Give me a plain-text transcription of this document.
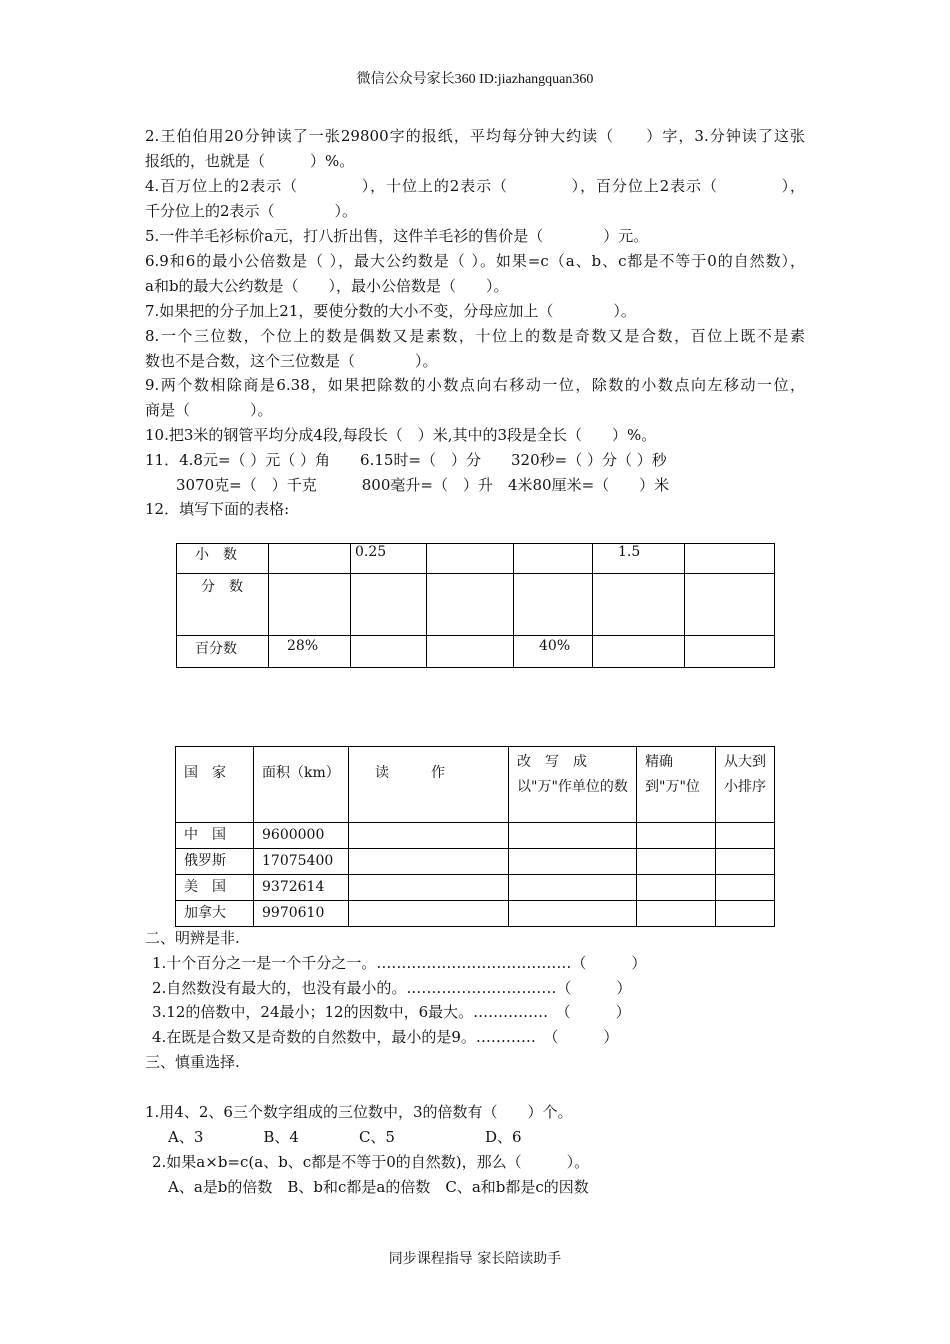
微信公众号家长360 ID:jiazhangquan360
2.王伯伯用20分钟读了一张29800字的报纸，平均每分钟大约读（　　）字，3.分钟读了这张
报纸的，也就是（　　　）%。
4.百万位上的2表示（　　　　），十位上的2表示（　　　　），百分位上2表示（　　　　），
千分位上的2表示（　　　　）。
5.一件羊毛衫标价a元，打八折出售，这件羊毛衫的售价是（　　　　）元。
6.9和6的最小公倍数是（ ），最大公约数是（ ）。如果=c（a、b、c都是不等于0的自然数），
a和b的最大公约数是（　　），最小公倍数是（　　）。
7.如果把的分子加上21，要使分数的大小不变，分母应加上（　　　　）。
8.一个三位数，个位上的数是偶数又是素数，十位上的数是奇数又是合数，百位上既不是素
数也不是合数，这个三位数是（　　　　）。
9.两个数相除商是6.38，如果把除数的小数点向右移动一位，除数的小数点向左移动一位，
商是（　　　　）。
10.把3米的钢管平均分成4段,每段长（　）米,其中的3段是全长（　　）%。
11．4.8元=（ ）元（ ）角　　6.15时=（　）分　　320秒=（ ）分（ ）秒
3070克=（　）千克　　　800毫升=（　）升　4米80厘米=（　　）米
12．填写下面的表格:
小　数		0.25			1.5	
分　数						
百分数	28%			40%		
国　家	面积（km）	读　　　作	改　写　成以"万"作单位的数	精确到"万"位	从大到小排序
中　国	9600000				
俄罗斯	17075400				
美　国	9372614				
加拿大	9970610				
二、明辨是非.
1.十个百分之一是一个千分之一。…………………………………（　　　）
2.自然数没有最大的，也没有最小的。…………………………（　　　）
3.12的倍数中，24最小；12的因数中，6最大。……………　（　　　）
4.在既是合数又是奇数的自然数中，最小的是9。…………　（　　　）
三、慎重选择.
1.用4、2、6三个数字组成的三位数中，3的倍数有（　　）个。
A、3　　　　B、4　　　　C、5　　　　　　D、6
2.如果a×b=c(a、b、c都是不等于0的自然数)，那么（　　　）。
A、a是b的倍数　B、b和c都是a的倍数　C、a和b都是c的因数
同步课程指导 家长陪读助手
